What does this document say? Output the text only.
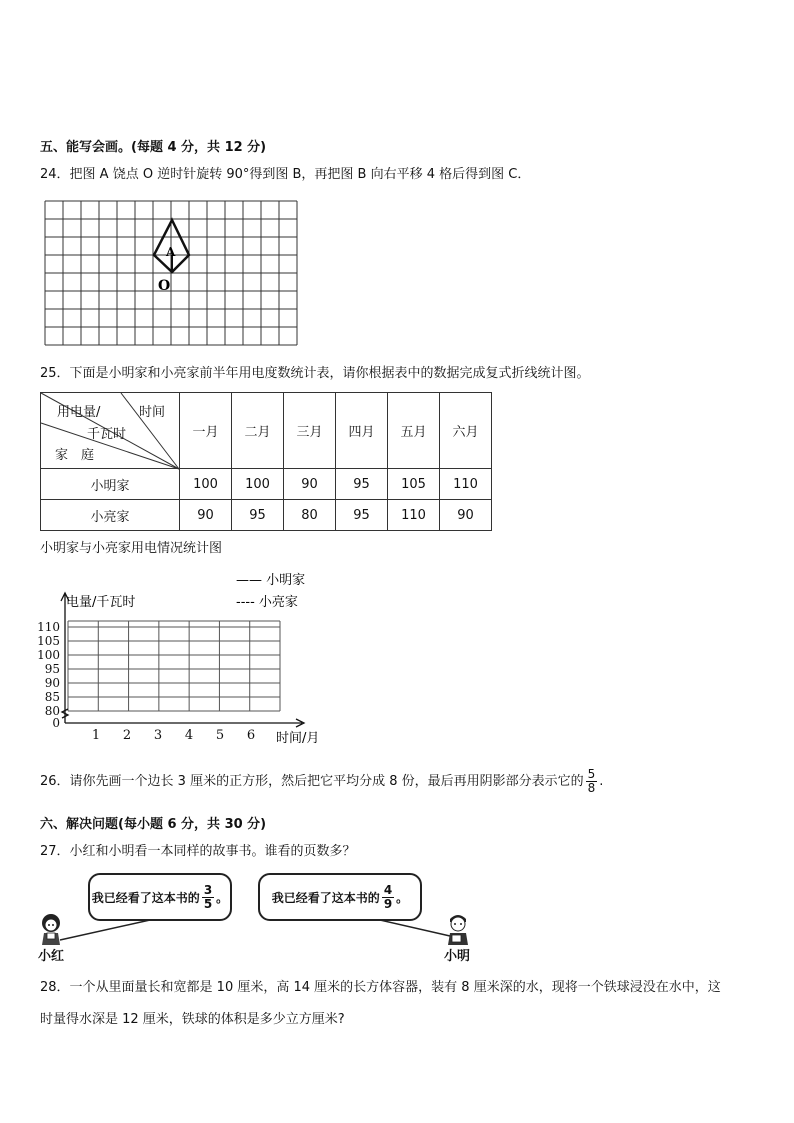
五、能写会画。(每题 4 分，共 12 分)
24．把图 A 饶点 O 逆时针旋转 90°得到图 B，再把图 B 向右平移 4 格后得到图 C．
A
O
25．下面是小明家和小亮家前半年用电度数统计表，请你根据表中的数据完成复式折线统计图。
用电量/ 时间
千瓦时
家　庭	一月	二月	三月	四月	五月	六月
小明家	100	100	90	95	105	110
小亮家	90	95	80	95	110	90
小明家与小亮家用电情况统计图
0
80
85
90
95
100
105
110
1 2 3 4 5 6
电量/千瓦时
时间/月
—— 小明家
---- 小亮家
26．请你先画一个边长 3 厘米的正方形，然后把它平均分成 8 份，最后再用阴影部分表示它的 $\frac{5}{8}$ .
六、解决问题(每小题 6 分，共 30 分)
27．小红和小明看一本同样的故事书。谁看的页数多？
我已经看了这本书的 $\frac{3}{5}$ 。	我已经看了这本书的 $\frac{4}{9}$ 。
小红	小明
28．一个从里面量长和宽都是 10 厘米，高 14 厘米的长方体容器，装有 8 厘米深的水，现将一个铁球浸没在水中，这
时量得水深是 12 厘米，铁球的体积是多少立方厘米?
